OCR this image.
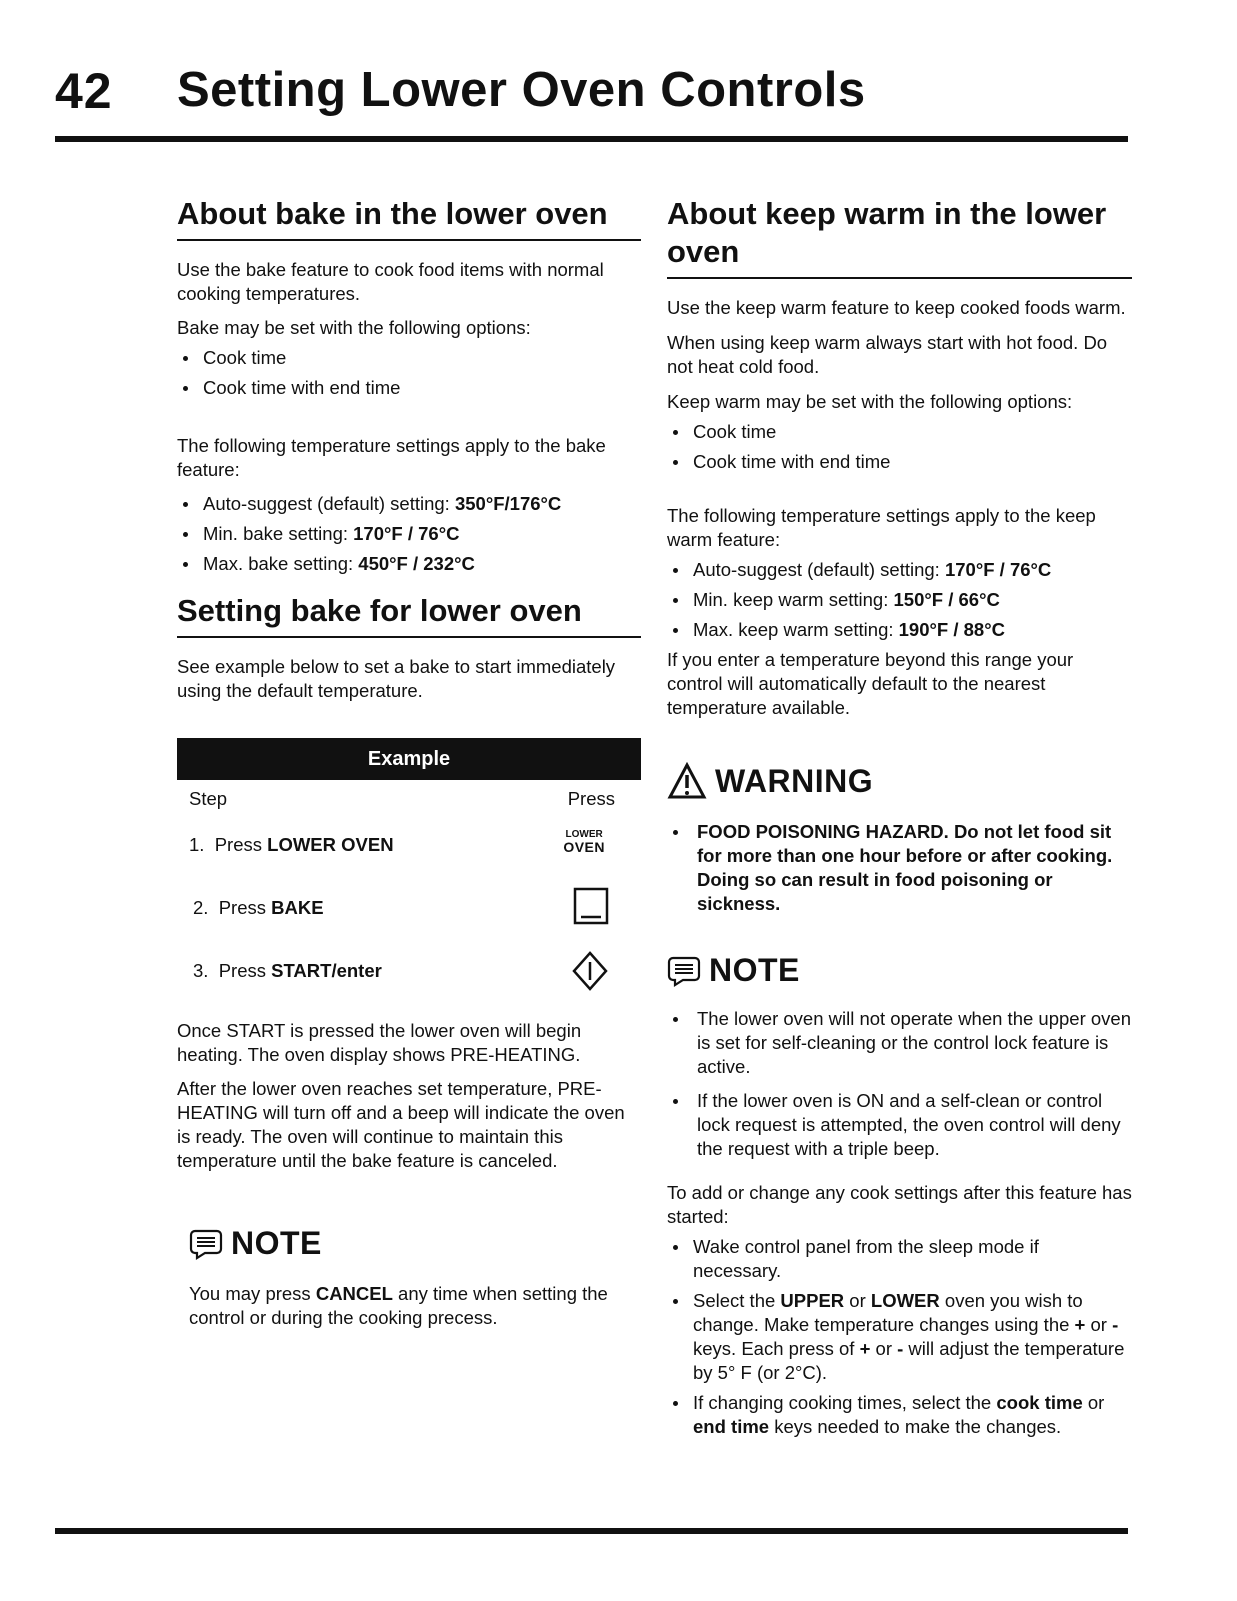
42 Setting Lower Oven Controls
About bake in the lower oven

Use the bake feature to cook food items with normal cooking temperatures.

Bake may be set with the following options:

Cook time
Cook time with end time

The following temperature settings apply to the bake feature:

Auto-suggest (default) setting: 350°F/176°C
Min. bake setting: 170°F / 76°C
Max. bake setting: 450°F / 232°C
Setting bake for lower oven

See example below to set a bake to start immediately using the default temperature.

Example
Step	Press
1. Press LOWER OVEN	LOWER
OVEN
2. Press BAKE
3. Press START/enter

Once START is pressed the lower oven will begin heating. The oven display shows PRE-HEATING.

After the lower oven reaches set temperature, PRE-HEATING will turn off and a beep will indicate the oven is ready. The oven will continue to maintain this temperature until the bake feature is canceled.

NOTE

You may press CANCEL any time when setting the control or during the cooking precess.

About keep warm in the lower oven

Use the keep warm feature to keep cooked foods warm.

When using keep warm always start with hot food. Do not heat cold food.

Keep warm may be set with the following options:

Cook time
Cook time with end time

The following temperature settings apply to the keep warm feature:

Auto-suggest (default) setting: 170°F / 76°C
Min. keep warm setting: 150°F / 66°C
Max. keep warm setting: 190°F / 88°C

If you enter a temperature beyond this range your control will automatically default to the nearest temperature available.

WARNING
FOOD POISONING HAZARD. Do not let food sit for more than one hour before or after cooking. Doing so can result in food poisoning or sickness.
NOTE
The lower oven will not operate when the upper oven is set for self-cleaning or the control lock feature is active.
If the lower oven is ON and a self-clean or control lock request is attempted, the oven control will deny the request with a triple beep.

To add or change any cook settings after this feature has started:

Wake control panel from the sleep mode if necessary.
Select the UPPER or LOWER oven you wish to change. Make temperature changes using the + or - keys. Each press of + or - will adjust the temperature by 5° F (or 2°C).
If changing cooking times, select the cook time or end time keys needed to make the changes.
